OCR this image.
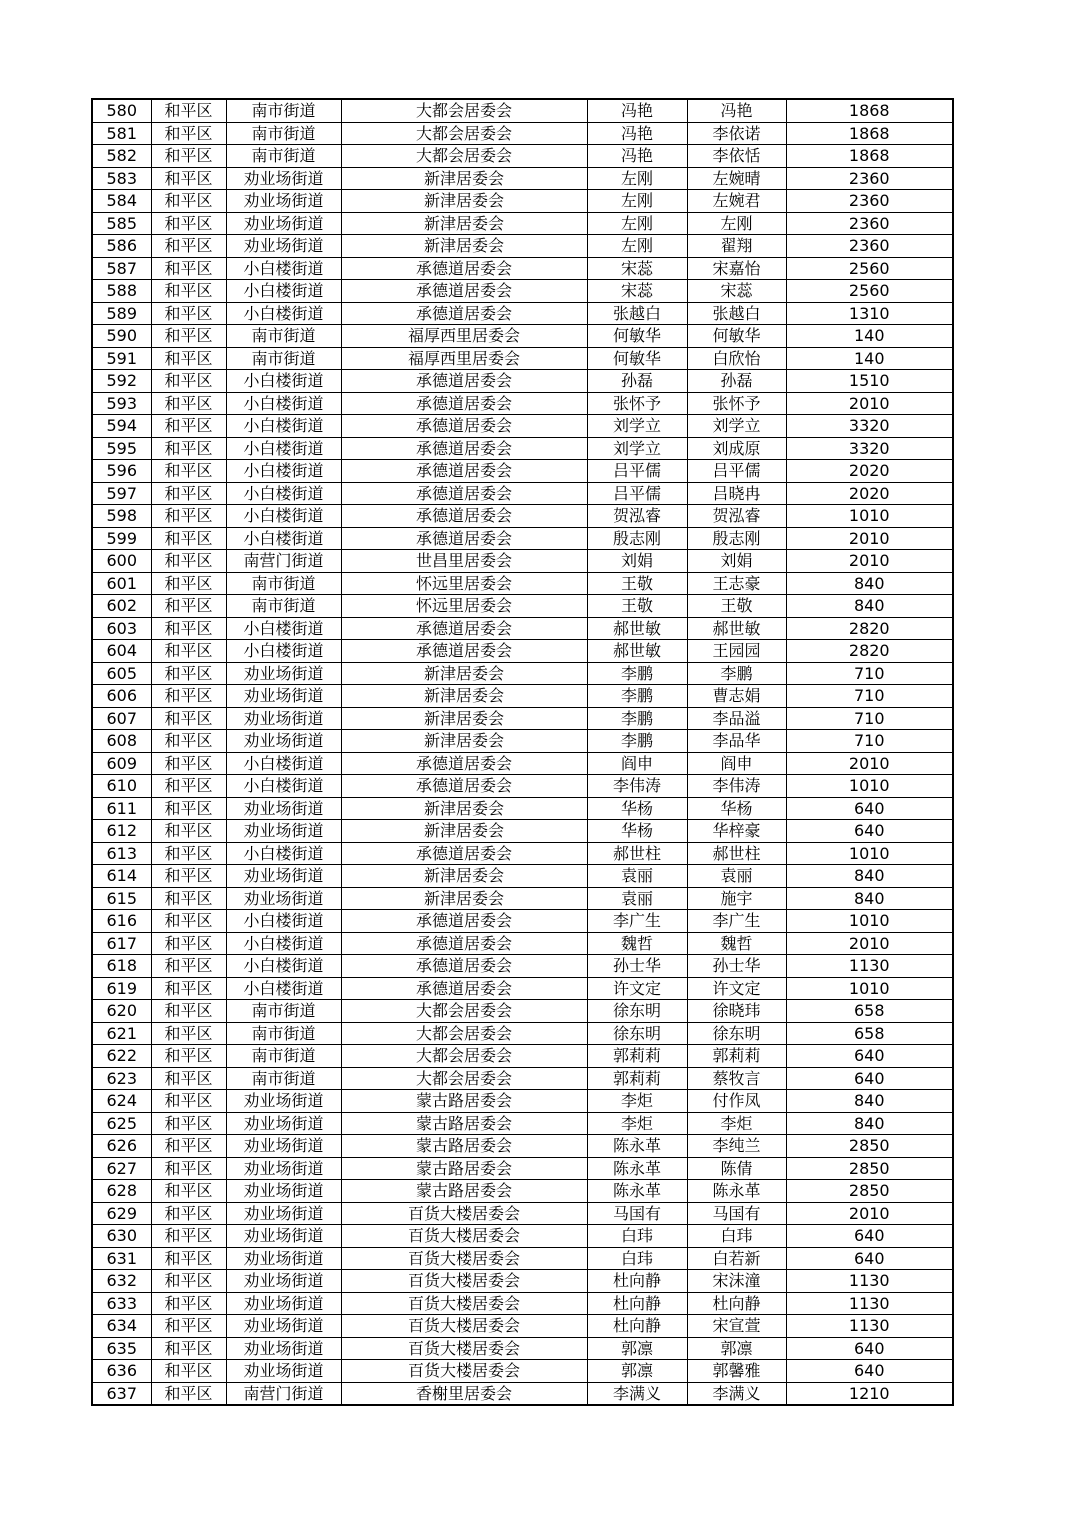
580	和平区	南市街道	大都会居委会	冯艳	冯艳	1868
581	和平区	南市街道	大都会居委会	冯艳	李依诺	1868
582	和平区	南市街道	大都会居委会	冯艳	李依恬	1868
583	和平区	劝业场街道	新津居委会	左刚	左婉晴	2360
584	和平区	劝业场街道	新津居委会	左刚	左婉君	2360
585	和平区	劝业场街道	新津居委会	左刚	左刚	2360
586	和平区	劝业场街道	新津居委会	左刚	翟翔	2360
587	和平区	小白楼街道	承德道居委会	宋蕊	宋嘉怡	2560
588	和平区	小白楼街道	承德道居委会	宋蕊	宋蕊	2560
589	和平区	小白楼街道	承德道居委会	张越白	张越白	1310
590	和平区	南市街道	福厚西里居委会	何敏华	何敏华	140
591	和平区	南市街道	福厚西里居委会	何敏华	白欣怡	140
592	和平区	小白楼街道	承德道居委会	孙磊	孙磊	1510
593	和平区	小白楼街道	承德道居委会	张怀予	张怀予	2010
594	和平区	小白楼街道	承德道居委会	刘学立	刘学立	3320
595	和平区	小白楼街道	承德道居委会	刘学立	刘成原	3320
596	和平区	小白楼街道	承德道居委会	吕平儒	吕平儒	2020
597	和平区	小白楼街道	承德道居委会	吕平儒	吕晓冉	2020
598	和平区	小白楼街道	承德道居委会	贺泓睿	贺泓睿	1010
599	和平区	小白楼街道	承德道居委会	殷志刚	殷志刚	2010
600	和平区	南营门街道	世昌里居委会	刘娟	刘娟	2010
601	和平区	南市街道	怀远里居委会	王敬	王志豪	840
602	和平区	南市街道	怀远里居委会	王敬	王敬	840
603	和平区	小白楼街道	承德道居委会	郝世敏	郝世敏	2820
604	和平区	小白楼街道	承德道居委会	郝世敏	王园园	2820
605	和平区	劝业场街道	新津居委会	李鹏	李鹏	710
606	和平区	劝业场街道	新津居委会	李鹏	曹志娟	710
607	和平区	劝业场街道	新津居委会	李鹏	李品溢	710
608	和平区	劝业场街道	新津居委会	李鹏	李品华	710
609	和平区	小白楼街道	承德道居委会	阎申	阎申	2010
610	和平区	小白楼街道	承德道居委会	李伟涛	李伟涛	1010
611	和平区	劝业场街道	新津居委会	华杨	华杨	640
612	和平区	劝业场街道	新津居委会	华杨	华梓豪	640
613	和平区	小白楼街道	承德道居委会	郝世柱	郝世柱	1010
614	和平区	劝业场街道	新津居委会	袁丽	袁丽	840
615	和平区	劝业场街道	新津居委会	袁丽	施宇	840
616	和平区	小白楼街道	承德道居委会	李广生	李广生	1010
617	和平区	小白楼街道	承德道居委会	魏哲	魏哲	2010
618	和平区	小白楼街道	承德道居委会	孙士华	孙士华	1130
619	和平区	小白楼街道	承德道居委会	许文定	许文定	1010
620	和平区	南市街道	大都会居委会	徐东明	徐晓玮	658
621	和平区	南市街道	大都会居委会	徐东明	徐东明	658
622	和平区	南市街道	大都会居委会	郭莉莉	郭莉莉	640
623	和平区	南市街道	大都会居委会	郭莉莉	蔡牧言	640
624	和平区	劝业场街道	蒙古路居委会	李炬	付作凤	840
625	和平区	劝业场街道	蒙古路居委会	李炬	李炬	840
626	和平区	劝业场街道	蒙古路居委会	陈永革	李纯兰	2850
627	和平区	劝业场街道	蒙古路居委会	陈永革	陈倩	2850
628	和平区	劝业场街道	蒙古路居委会	陈永革	陈永革	2850
629	和平区	劝业场街道	百货大楼居委会	马国有	马国有	2010
630	和平区	劝业场街道	百货大楼居委会	白玮	白玮	640
631	和平区	劝业场街道	百货大楼居委会	白玮	白若新	640
632	和平区	劝业场街道	百货大楼居委会	杜向静	宋沫潼	1130
633	和平区	劝业场街道	百货大楼居委会	杜向静	杜向静	1130
634	和平区	劝业场街道	百货大楼居委会	杜向静	宋宣萱	1130
635	和平区	劝业场街道	百货大楼居委会	郭凛	郭凛	640
636	和平区	劝业场街道	百货大楼居委会	郭凛	郭馨雅	640
637	和平区	南营门街道	香榭里居委会	李满义	李满义	1210
